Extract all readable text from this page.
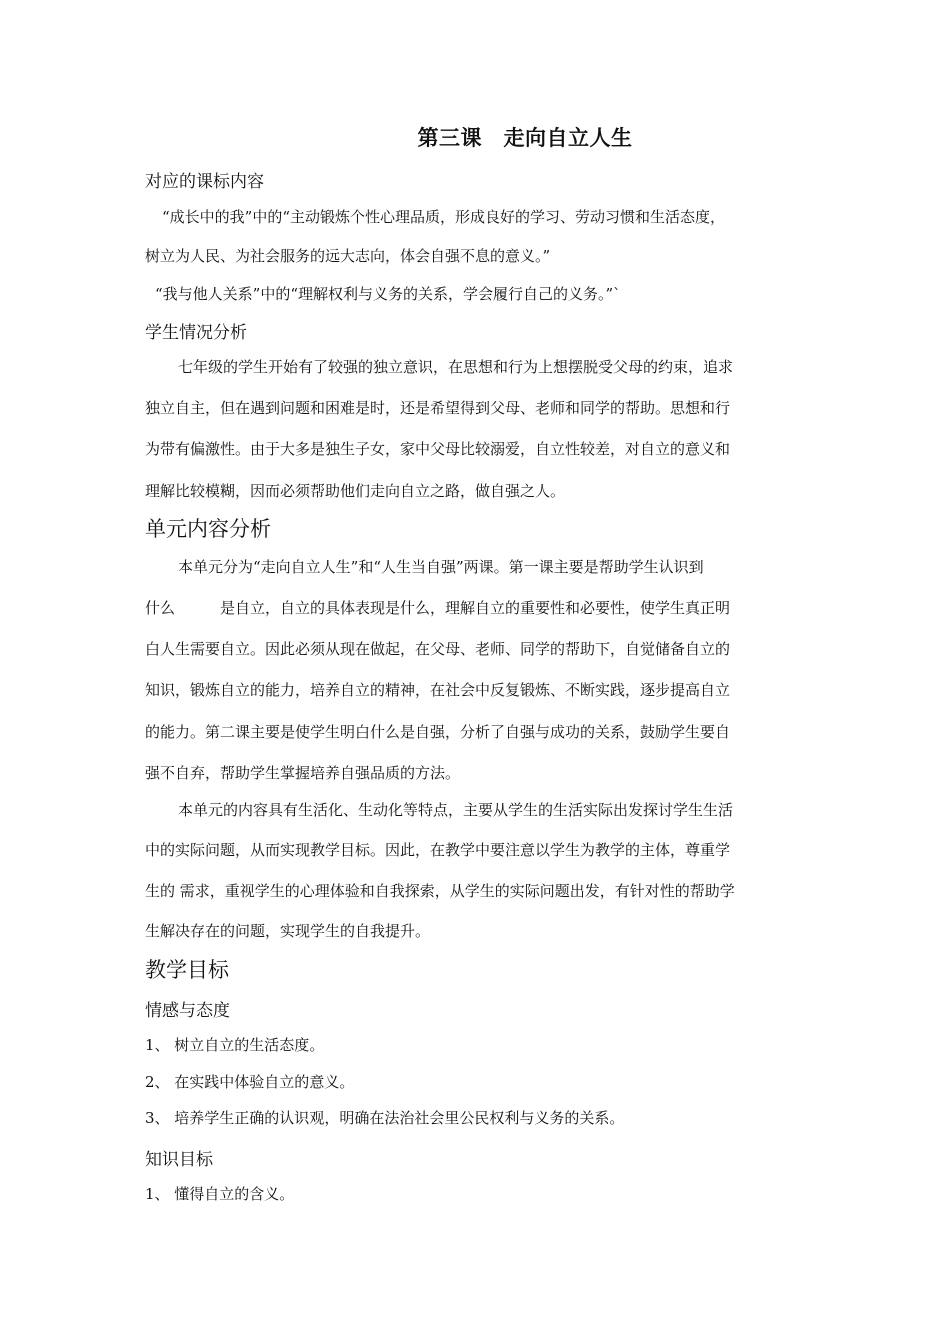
第三课　走向自立人生
对应的课标内容
“成长中的我”中的“主动锻炼个性心理品质，形成良好的学习、劳动习惯和生活态度，
树立为人民、为社会服务的远大志向，体会自强不息的意义。”
“我与他人关系”中的“理解权利与义务的关系，学会履行自己的义务。”`
学生情况分析
七年级的学生开始有了较强的独立意识，在思想和行为上想摆脱受父母的约束，追求
独立自主，但在遇到问题和困难是时，还是希望得到父母、老师和同学的帮助。思想和行
为带有偏激性。由于大多是独生子女，家中父母比较溺爱，自立性较差，对自立的意义和
理解比较模糊，因而必须帮助他们走向自立之路，做自强之人。
单元内容分析
本单元分为“走向自立人生”和“人生当自强”两课。第一课主要是帮助学生认识到
什么　　　是自立，自立的具体表现是什么，理解自立的重要性和必要性，使学生真正明
白人生需要自立。因此必须从现在做起，在父母、老师、同学的帮助下，自觉储备自立的
知识，锻炼自立的能力，培养自立的精神，在社会中反复锻炼、不断实践，逐步提高自立
的能力。第二课主要是使学生明白什么是自强，分析了自强与成功的关系，鼓励学生要自
强不自弃，帮助学生掌握培养自强品质的方法。
本单元的内容具有生活化、生动化等特点，主要从学生的生活实际出发探讨学生生活
中的实际问题，从而实现教学目标。因此，在教学中要注意以学生为教学的主体，尊重学
生的 需求，重视学生的心理体验和自我探索，从学生的实际问题出发，有针对性的帮助学
生解决存在的问题，实现学生的自我提升。
教学目标
情感与态度
1、 树立自立的生活态度。
2、 在实践中体验自立的意义。
3、 培养学生正确的认识观，明确在法治社会里公民权利与义务的关系。
知识目标
1、 懂得自立的含义。
